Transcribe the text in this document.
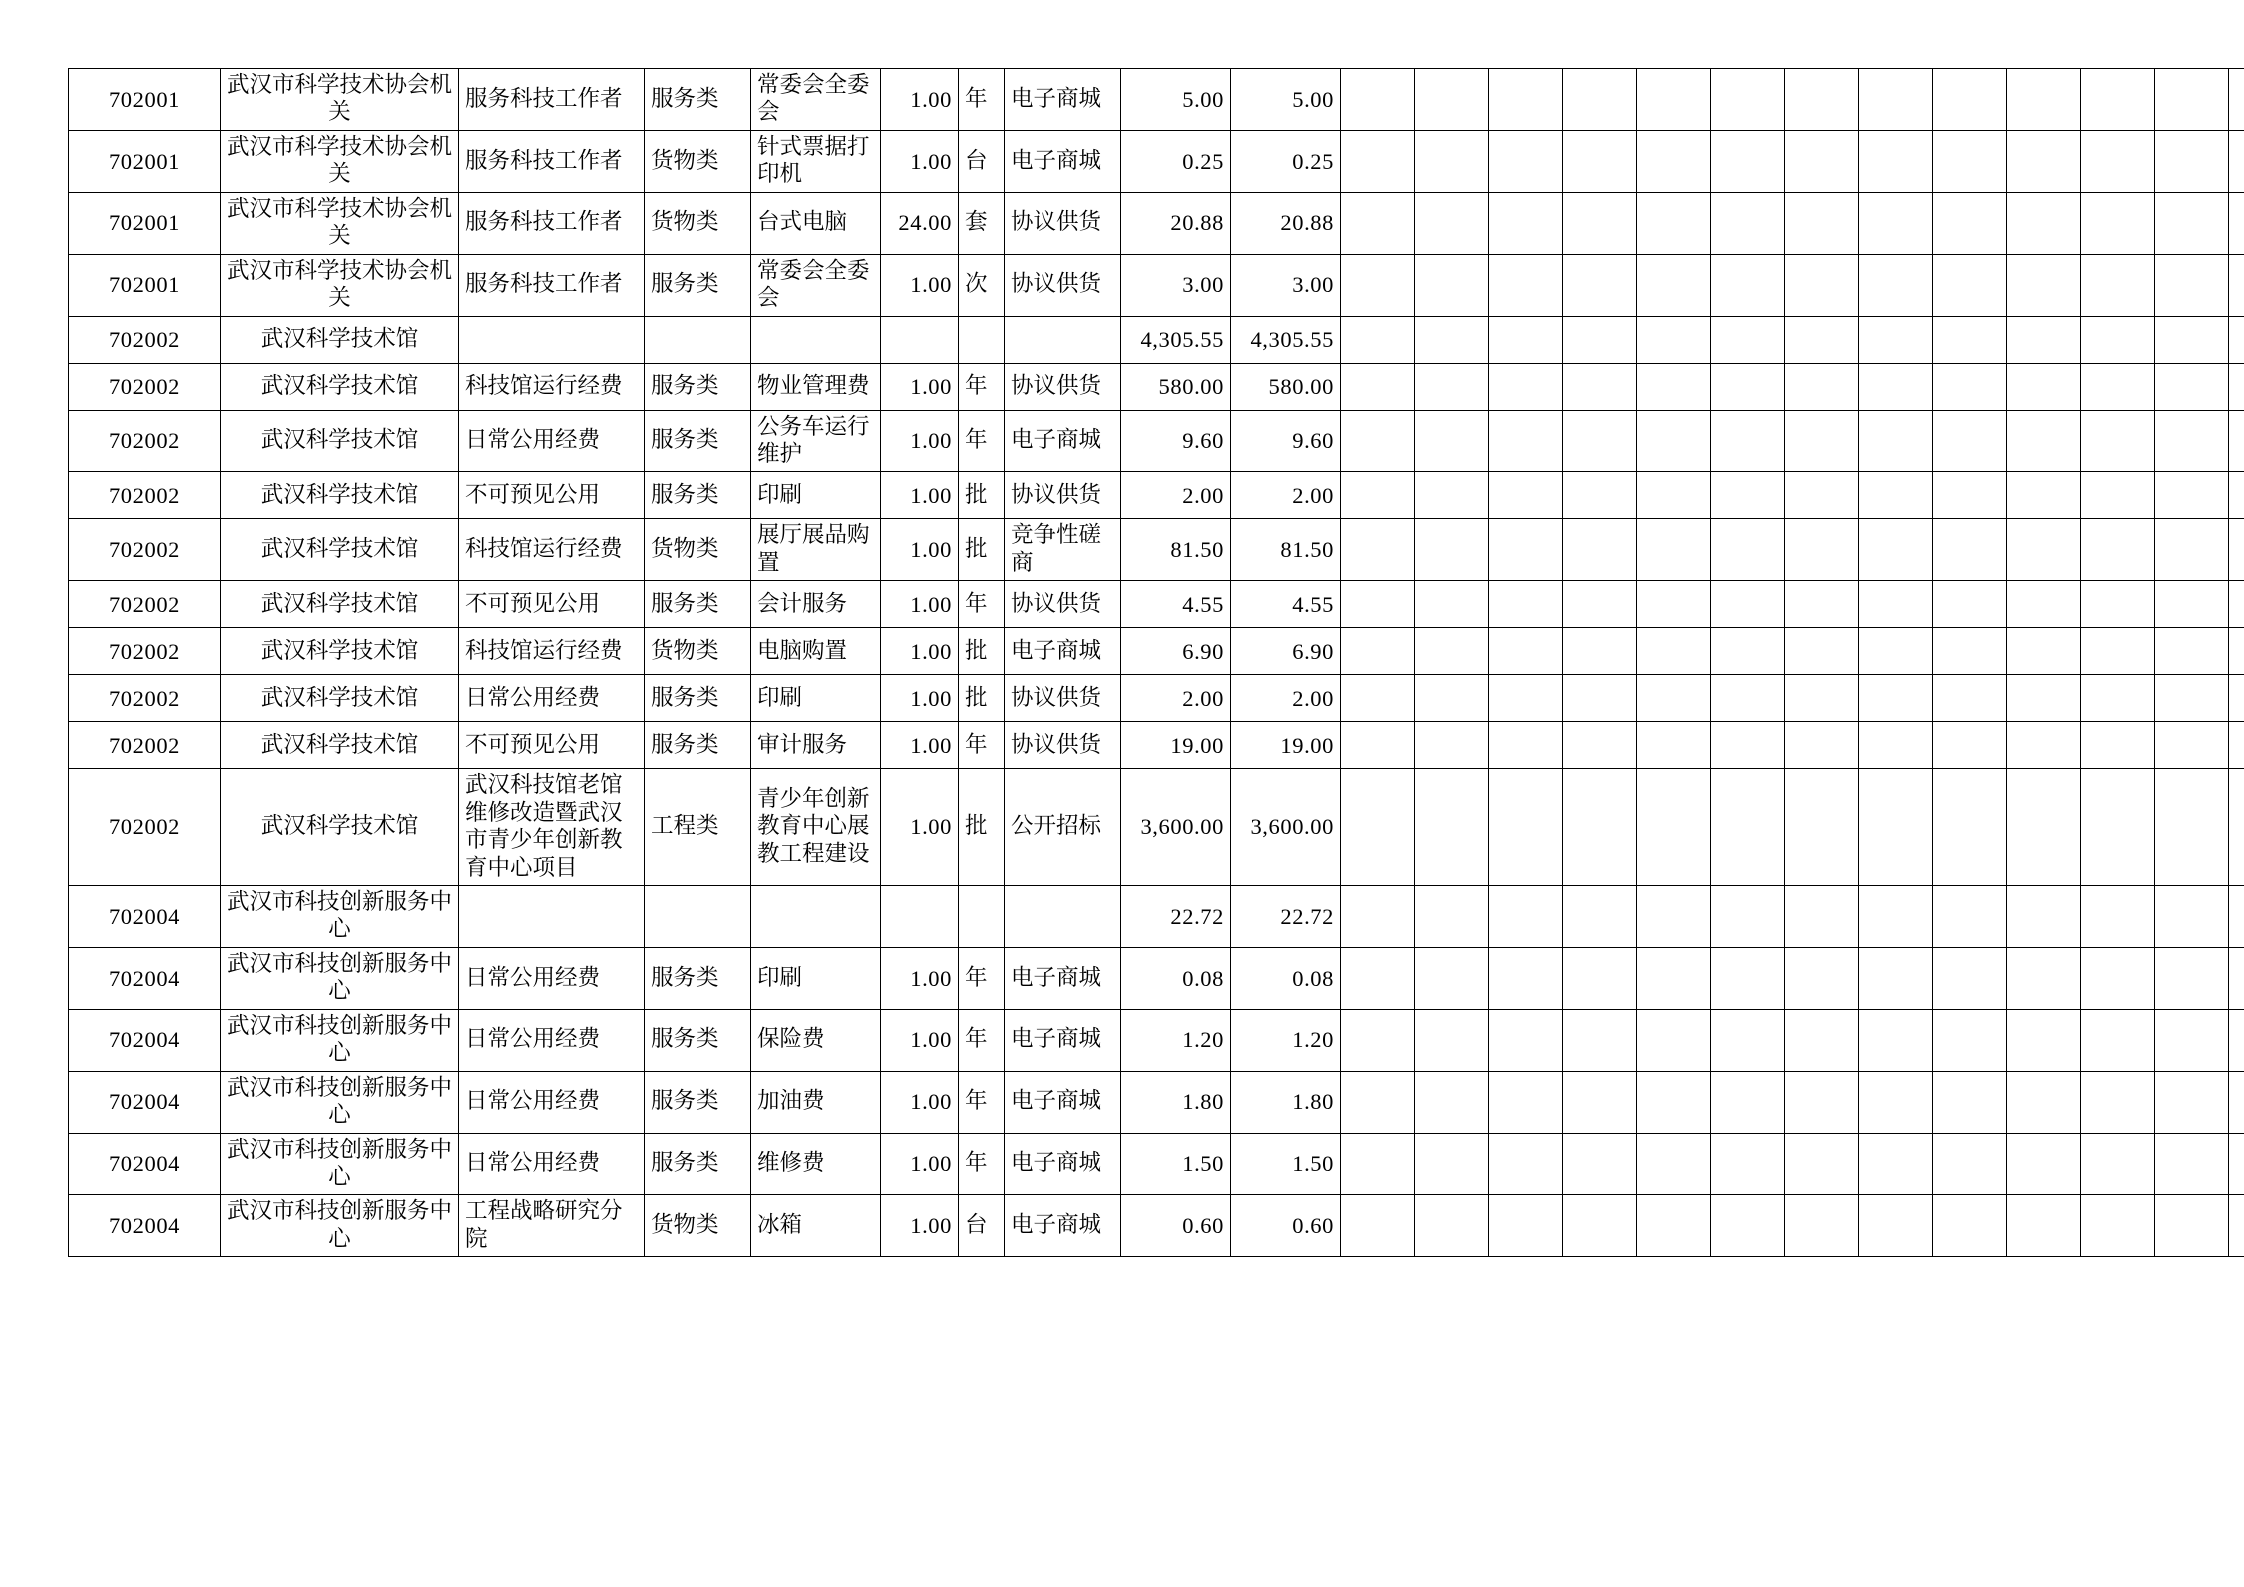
702001	武汉市科学技术协会机关	服务科技工作者	服务类	常委会全委会	1.00	年	电子商城	5.00	5.00														
702001	武汉市科学技术协会机关	服务科技工作者	货物类	针式票据打印机	1.00	台	电子商城	0.25	0.25														
702001	武汉市科学技术协会机关	服务科技工作者	货物类	台式电脑	24.00	套	协议供货	20.88	20.88														
702001	武汉市科学技术协会机关	服务科技工作者	服务类	常委会全委会	1.00	次	协议供货	3.00	3.00														
702002	武汉科学技术馆							4,305.55	4,305.55														
702002	武汉科学技术馆	科技馆运行经费	服务类	物业管理费	1.00	年	协议供货	580.00	580.00														
702002	武汉科学技术馆	日常公用经费	服务类	公务车运行维护	1.00	年	电子商城	9.60	9.60														
702002	武汉科学技术馆	不可预见公用	服务类	印刷	1.00	批	协议供货	2.00	2.00														
702002	武汉科学技术馆	科技馆运行经费	货物类	展厅展品购置	1.00	批	竞争性磋商	81.50	81.50														
702002	武汉科学技术馆	不可预见公用	服务类	会计服务	1.00	年	协议供货	4.55	4.55														
702002	武汉科学技术馆	科技馆运行经费	货物类	电脑购置	1.00	批	电子商城	6.90	6.90														
702002	武汉科学技术馆	日常公用经费	服务类	印刷	1.00	批	协议供货	2.00	2.00														
702002	武汉科学技术馆	不可预见公用	服务类	审计服务	1.00	年	协议供货	19.00	19.00														
702002	武汉科学技术馆	武汉科技馆老馆维修改造暨武汉市青少年创新教育中心项目	工程类	青少年创新教育中心展教工程建设	1.00	批	公开招标	3,600.00	3,600.00														
702004	武汉市科技创新服务中心							22.72	22.72														
702004	武汉市科技创新服务中心	日常公用经费	服务类	印刷	1.00	年	电子商城	0.08	0.08														
702004	武汉市科技创新服务中心	日常公用经费	服务类	保险费	1.00	年	电子商城	1.20	1.20														
702004	武汉市科技创新服务中心	日常公用经费	服务类	加油费	1.00	年	电子商城	1.80	1.80														
702004	武汉市科技创新服务中心	日常公用经费	服务类	维修费	1.00	年	电子商城	1.50	1.50														
702004	武汉市科技创新服务中心	工程战略研究分院	货物类	冰箱	1.00	台	电子商城	0.60	0.60														
